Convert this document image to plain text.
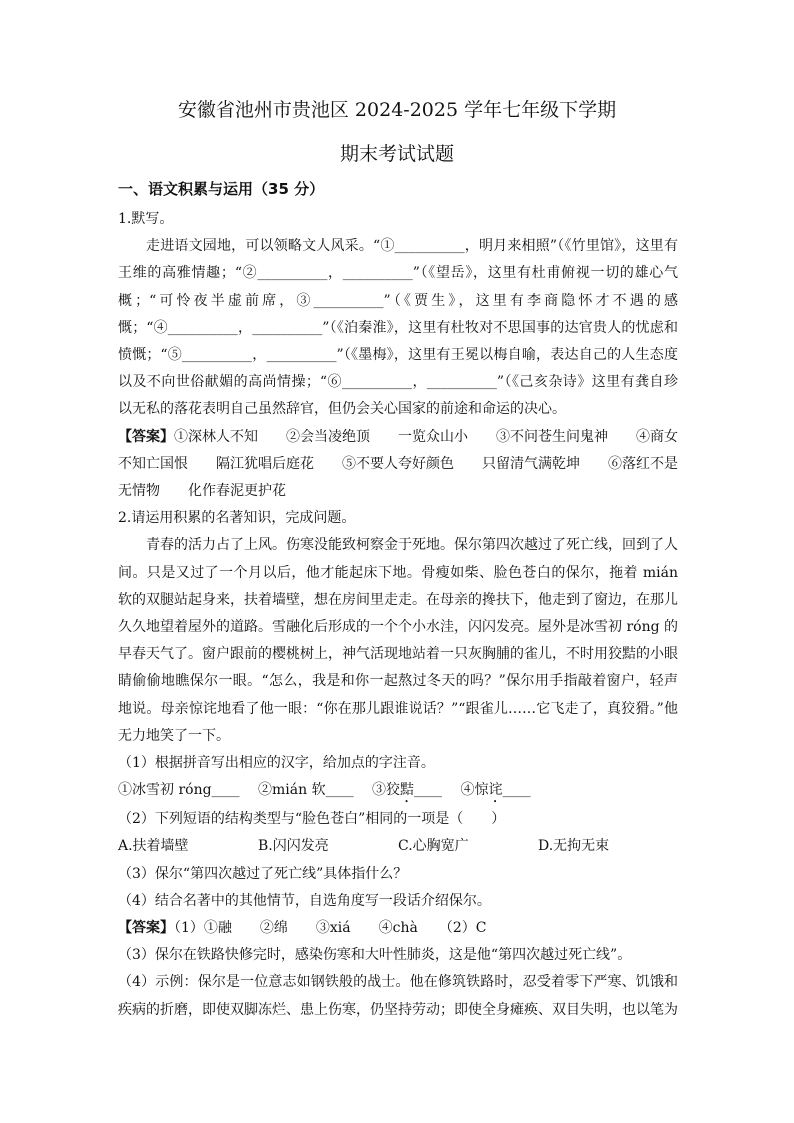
安徽省池州市贵池区 2024-2025 学年七年级下学期
期末考试试题
一、语文积累与运用（35 分）

1.默写。

走进语文园地，可以领略文人风采。“①__________，明月来相照”（《竹里馆》，这里有王维的高雅情趣；“②__________，__________”（《望岳》，这里有杜甫俯视一切的雄心气概；“可怜夜半虚前席，③__________”（《贾生》，这里有李商隐怀才不遇的感慨；“④__________，__________”（《泊秦淮》，这里有杜牧对不思国事的达官贵人的忧虑和愤慨；“⑤__________，__________”（《墨梅》，这里有王冕以梅自喻，表达自己的人生态度以及不向世俗献媚的高尚情操；“⑥__________，__________”（《己亥杂诗》这里有龚自珍以无私的落花表明自己虽然辞官，但仍会关心国家的前途和命运的决心。

【答案】①深林人不知　　②会当凌绝顶　　一览众山小　　③不问苍生问鬼神　　④商女不知亡国恨　　隔江犹唱后庭花　　⑤不要人夸好颜色　　只留清气满乾坤　　⑥落红不是无情物　　化作春泥更护花

2.请运用积累的名著知识，完成问题。

青春的活力占了上风。伤寒没能致柯察金于死地。保尔第四次越过了死亡线，回到了人间。只是又过了一个月以后，他才能起床下地。骨瘦如柴、脸色苍白的保尔，拖着 mián 软的双腿站起身来，扶着墙壁，想在房间里走走。在母亲的搀扶下，他走到了窗边，在那儿久久地望着屋外的道路。雪融化后形成的一个个小水洼，闪闪发亮。屋外是冰雪初 róng 的早春天气了。窗户跟前的樱桃树上，神气活现地站着一只灰胸脯的雀儿，不时用狡黠的小眼睛偷偷地瞧保尔一眼。“怎么，我是和你一起熬过冬天的吗？”保尔用手指敲着窗户，轻声地说。母亲惊诧地看了他一眼：“你在那儿跟谁说话？”“跟雀儿……它飞走了，真狡猾。”他无力地笑了一下。

（1）根据拼音写出相应的汉字，给加点的字注音。

①冰雪初 róng____　 ②mián 软____　 ③狡黠____　 ④惊诧____

（2）下列短语的结构类型与“脸色苍白”相同的一项是（　　）

A.扶着墙壁	B.闪闪发亮	C.心胸宽广	D.无拘无束

（3）保尔“第四次越过了死亡线”具体指什么？

（4）结合名著中的其他情节，自选角度写一段话介绍保尔。

【答案】（1）①融　　②绵　　③xiá　　④chà　　（2）C

（3）保尔在铁路快修完时，感染伤寒和大叶性肺炎，这是他“第四次越过死亡线”。

（4）示例：保尔是一位意志如钢铁般的战士。他在修筑铁路时，忍受着零下严寒、饥饿和疾病的折磨，即使双脚冻烂、患上伤寒，仍坚持劳动；即使全身瘫痪、双目失明，也以笔为
